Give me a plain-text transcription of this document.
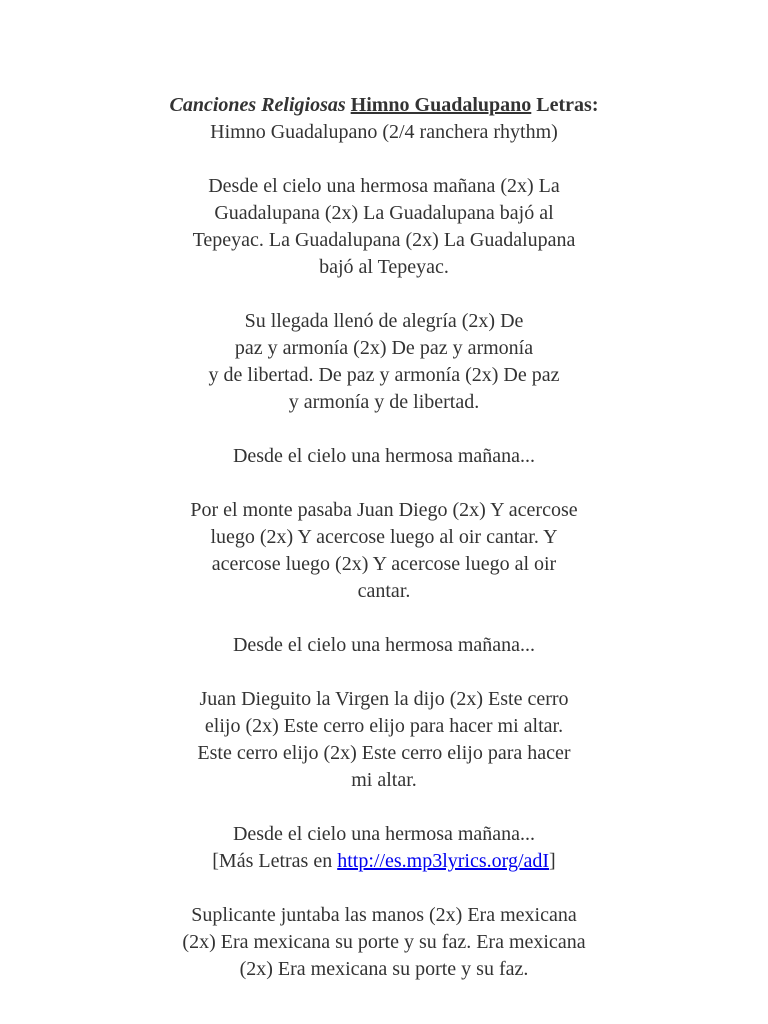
Canciones Religiosas Himno Guadalupano Letras:
Himno Guadalupano (2/4 ranchera rhythm)
Desde el cielo una hermosa mañana (2x) La
Guadalupana (2x) La Guadalupana bajó al
Tepeyac. La Guadalupana (2x) La Guadalupana
bajó al Tepeyac.
Su llegada llenó de alegría (2x) De
paz y armonía (2x) De paz y armonía
y de libertad. De paz y armonía (2x) De paz
y armonía y de libertad.
Desde el cielo una hermosa mañana...
Por el monte pasaba Juan Diego (2x) Y acercose
luego (2x) Y acercose luego al oir cantar. Y
acercose luego (2x) Y acercose luego al oir
cantar.
Desde el cielo una hermosa mañana...
Juan Dieguito la Virgen la dijo (2x) Este cerro
elijo (2x) Este cerro elijo para hacer mi altar.
Este cerro elijo (2x) Este cerro elijo para hacer
mi altar.
Desde el cielo una hermosa mañana...
[Más Letras en http://es.mp3lyrics.org/adI]
Suplicante juntaba las manos (2x) Era mexicana
(2x) Era mexicana su porte y su faz. Era mexicana
(2x) Era mexicana su porte y su faz.
